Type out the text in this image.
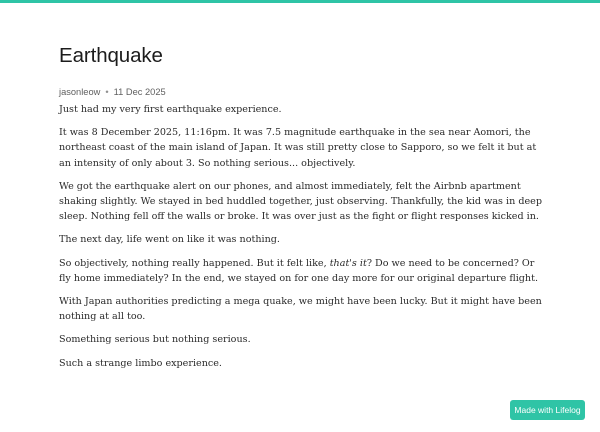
Earthquake
jasonleow • 11 Dec 2025

Just had my very first earthquake experience.

It was 8 December 2025, 11:16pm. It was 7.5 magnitude earthquake in the sea near Aomori, the northeast coast of the main island of Japan. It was still pretty close to Sapporo, so we felt it but at an intensity of only about 3. So nothing serious... objectively.

We got the earthquake alert on our phones, and almost immediately, felt the Airbnb apartment shaking slightly. We stayed in bed huddled together, just observing. Thankfully, the kid was in deep sleep. Nothing fell off the walls or broke. It was over just as the fight or flight responses kicked in.

The next day, life went on like it was nothing.

So objectively, nothing really happened. But it felt like, that's it? Do we need to be concerned? Or fly home immediately? In the end, we stayed on for one day more for our original departure flight.

With Japan authorities predicting a mega quake, we might have been lucky. But it might have been nothing at all too.

Something serious but nothing serious.

Such a strange limbo experience.

Made with Lifelog
